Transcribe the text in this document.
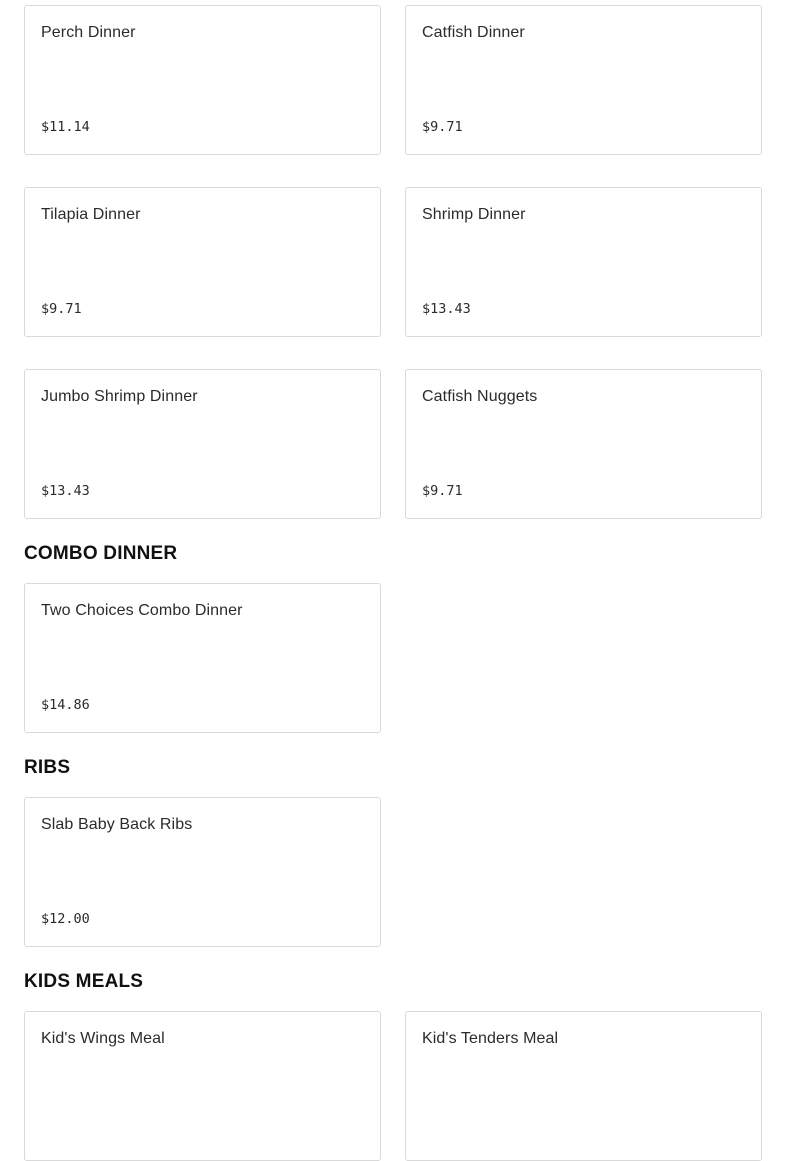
Perch Dinner
$11.14
Catfish Dinner
$9.71
Tilapia Dinner
$9.71
Shrimp Dinner
$13.43
Jumbo Shrimp Dinner
$13.43
Catfish Nuggets
$9.71
COMBO DINNER
Two Choices Combo Dinner
$14.86
RIBS
Slab Baby Back Ribs
$12.00
KIDS MEALS
Kid's Wings Meal	Kid's Tenders Meal
